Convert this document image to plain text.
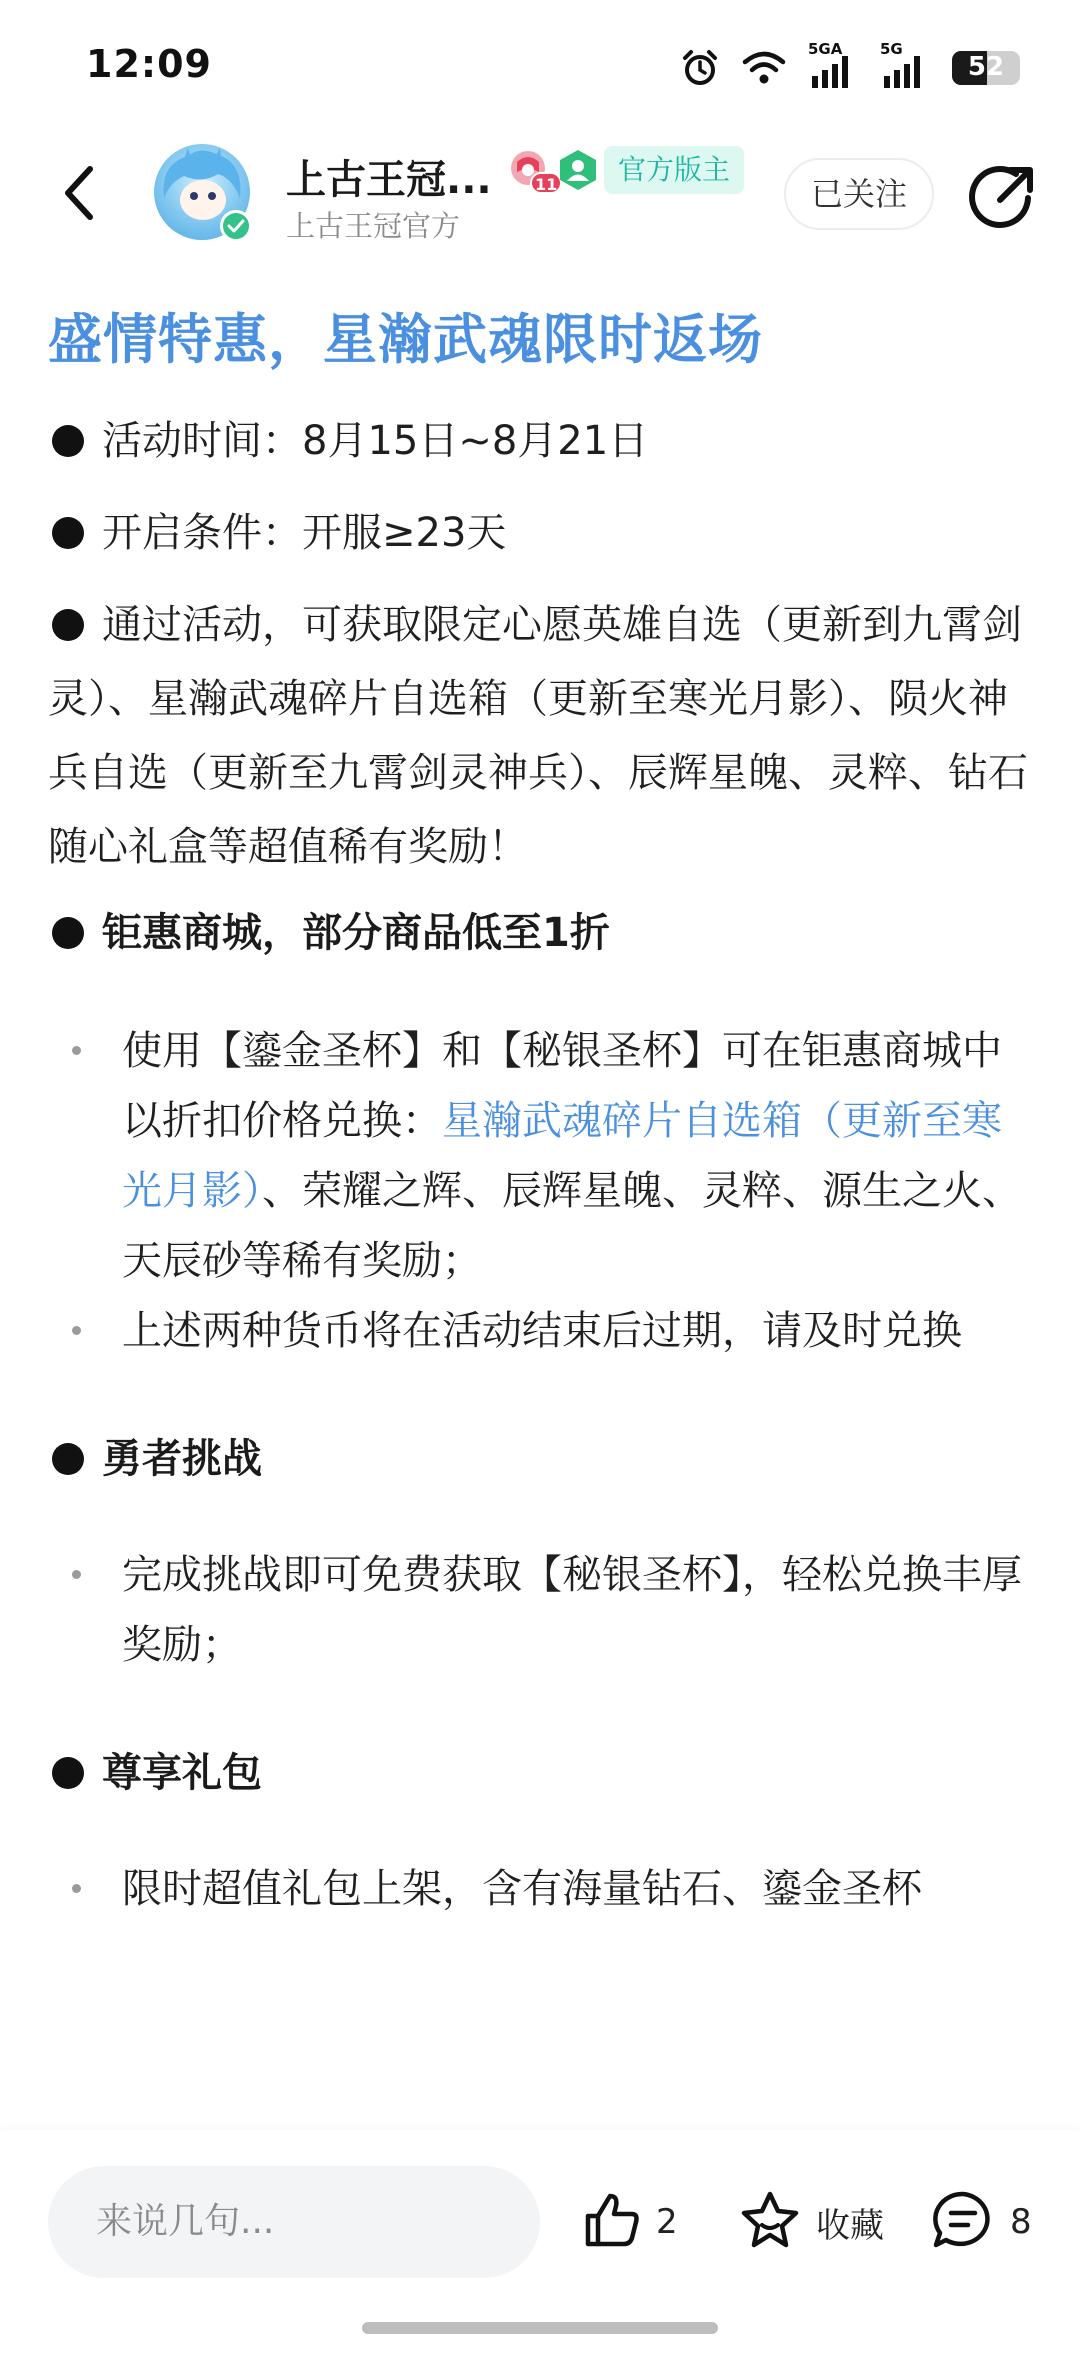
12:09	5GA	5G
52
上古王冠...
上古王冠官方
11	官方版主
已关注
盛情特惠，星瀚武魂限时返场

活动时间：8月15日~8月21日

开启条件：开服≥23天

通过活动，可获取限定心愿英雄自选（更新到九霄剑灵）、星瀚武魂碎片自选箱（更新至寒光月影）、陨火神兵自选（更新至九霄剑灵神兵）、辰辉星魄、灵粹、钻石随心礼盒等超值稀有奖励！

钜惠商城，部分商品低至1折

使用【鎏金圣杯】和【秘银圣杯】可在钜惠商城中以折扣价格兑换：星瀚武魂碎片自选箱（更新至寒光月影）、荣耀之辉、辰辉星魄、灵粹、源生之火、天辰砂等稀有奖励；
上述两种货币将在活动结束后过期，请及时兑换

勇者挑战

完成挑战即可免费获取【秘银圣杯】，轻松兑换丰厚奖励；

尊享礼包

限时超值礼包上架，含有海量钻石、鎏金圣杯
来说几句...	2	收藏	8
